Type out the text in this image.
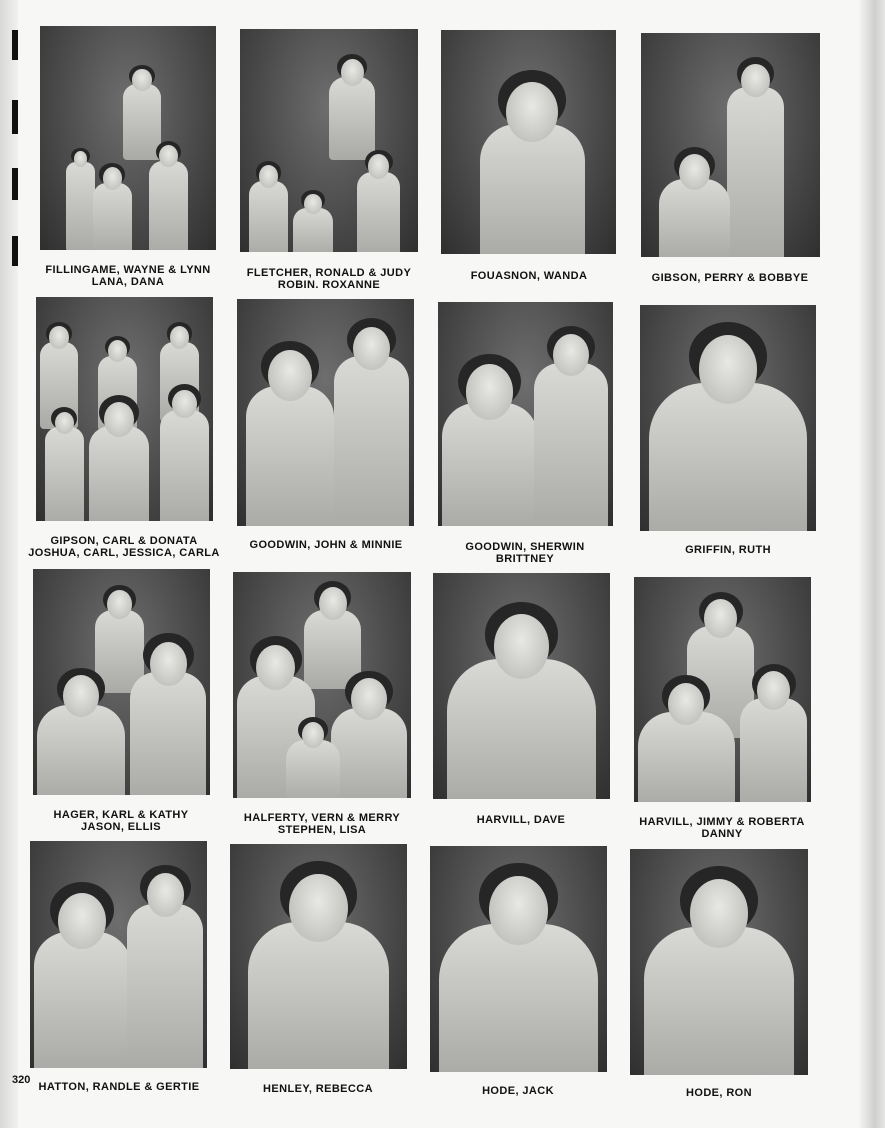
FILLINGAME, WAYNE & LYNN
LANA, DANA
FLETCHER, RONALD & JUDY
ROBIN. ROXANNE
FOUASNON, WANDA	GIBSON, PERRY & BOBBYE
GIPSON, CARL & DONATA
JOSHUA, CARL, JESSICA, CARLA
GOODWIN, JOHN & MINNIE	GOODWIN, SHERWIN
BRITTNEY
GRIFFIN, RUTH
HAGER, KARL & KATHY
JASON, ELLIS
HALFERTY, VERN & MERRY
STEPHEN, LISA
HARVILL, DAVE	HARVILL, JIMMY & ROBERTA
DANNY
HATTON, RANDLE & GERTIE	HENLEY, REBECCA	HODE, JACK	HODE, RON
320
